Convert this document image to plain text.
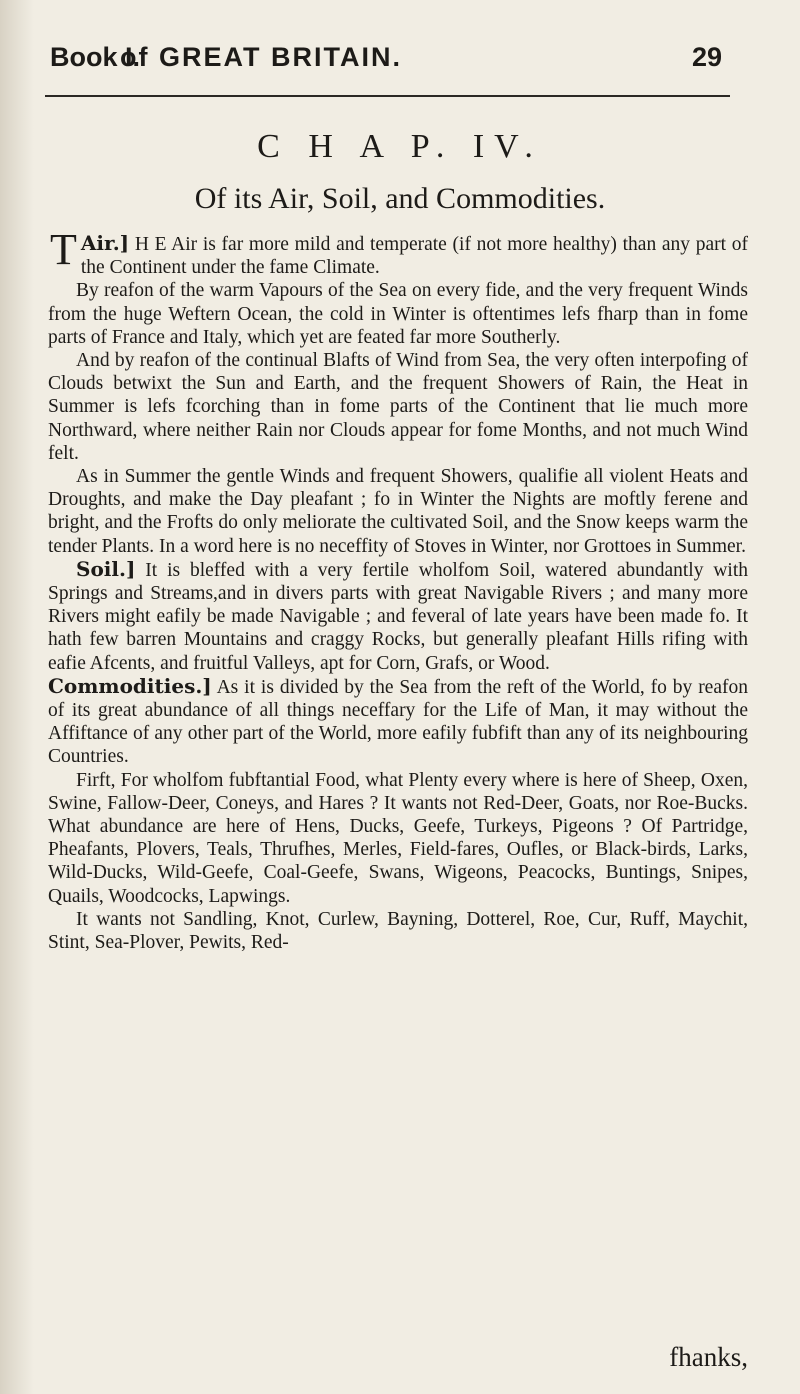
Book I.
of GREAT BRITAIN.	29
C H A P. IV.
Of its Air, Soil, and Commodities.

Air.]
T	H E Air is far more mild and temperate (if not more healthy) than any part of the Continent under the fame Climate.

By reafon of the warm Vapours of the Sea on every fide, and the very frequent Winds from the huge Weftern Ocean, the cold in Winter is oftentimes lefs fharp than in fome parts of France and Italy, which yet are feated far more Southerly.

And by reafon of the continual Blafts of Wind from Sea, the very often interpofing of Clouds betwixt the Sun and Earth, and the frequent Showers of Rain, the Heat in Summer is lefs fcorching than in fome parts of the Continent that lie much more Northward, where neither Rain nor Clouds appear for fome Months, and not much Wind felt.

As in Summer the gentle Winds and frequent Showers, qualifie all violent Heats and Droughts, and make the Day pleafant ; fo in Winter the Nights are moftly ferene and bright, and the Frofts do only meliorate the cultivated Soil, and the Snow keeps warm the tender Plants. In a word here is no neceffity of Stoves in Winter, nor Grottoes in Summer.

Soil.] It is bleffed with a very fertile wholfom Soil, watered abundantly with Springs and Streams,and in divers parts with great Navigable Rivers ; and many more Rivers might eafily be made Navigable ; and feveral of late years have been made fo. It hath few barren Mountains and craggy Rocks, but generally pleafant Hills rifing with eafie Afcents, and fruitful Valleys, apt for Corn, Grafs, or Wood.

Commodities.] As it is divided by the Sea from the reft of the World, fo by reafon of its great abundance of all things neceffary for the Life of Man, it may without the Affiftance of any other part of the World, more eafily fubfift than any of its neighbouring Countries.

Firft, For wholfom fubftantial Food, what Plenty every where is here of Sheep, Oxen, Swine, Fallow-Deer, Coneys, and Hares ? It wants not Red-Deer, Goats, nor Roe-Bucks. What abundance are here of Hens, Ducks, Geefe, Turkeys, Pigeons ? Of Partridge, Pheafants, Plovers, Teals, Thrufhes, Merles, Field-fares, Oufles, or Black-birds, Larks, Wild-Ducks, Wild-Geefe, Coal-Geefe, Swans, Wigeons, Peacocks, Buntings, Snipes, Quails, Woodcocks, Lapwings.

It wants not Sandling, Knot, Curlew, Bayning, Dotterel, Roe, Cur, Ruff, Maychit, Stint, Sea-Plover, Pewits, Red-

fhanks,
